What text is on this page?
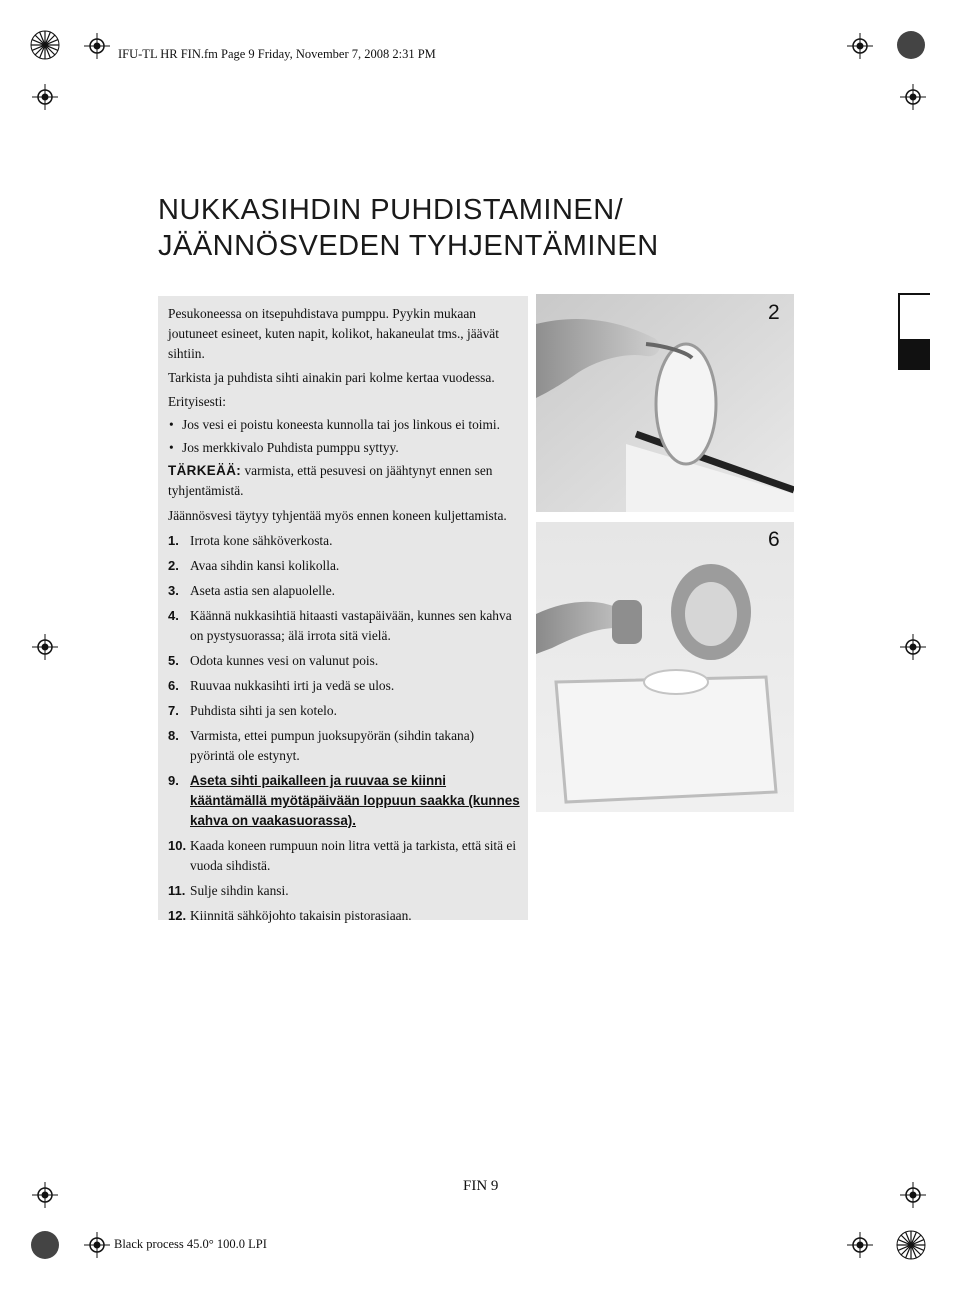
IFU-TL HR FIN.fm Page 9 Friday, November 7, 2008 2:31 PM
NUKKASIHDIN PUHDISTAMINEN/
JÄÄNNÖSVEDEN TYHJENTÄMINEN

Pesukoneessa on itsepuhdistava pumppu. Pyykin mukaan joutuneet esineet, kuten napit, kolikot, hakaneulat tms., jäävät sihtiin.

Tarkista ja puhdista sihti ainakin pari kolme kertaa vuodessa.

Erityisesti:

• Jos vesi ei poistu koneesta kunnolla tai jos linkous ei toimi.

• Jos merkkivalo Puhdista pumppu syttyy.

TÄRKEÄÄ: varmista, että pesuvesi on jäähtynyt ennen sen tyhjentämistä.

Jäännösvesi täytyy tyhjentää myös ennen koneen kuljettamista.

1. Irrota kone sähköverkosta.
2. Avaa sihdin kansi kolikolla.
3. Aseta astia sen alapuolelle.
4. Käännä nukkasihtiä hitaasti vastapäivään, kunnes sen kahva on pystysuorassa; älä irrota sitä vielä.
5. Odota kunnes vesi on valunut pois.
6. Ruuvaa nukkasihti irti ja vedä se ulos.
7. Puhdista sihti ja sen kotelo.
8. Varmista, ettei pumpun juoksupyörän (sihdin takana) pyörintä ole estynyt.
9. Aseta sihti paikalleen ja ruuvaa se kiinni kääntämällä myötäpäivään loppuun saakka (kunnes kahva on vaakasuorassa).
10. Kaada koneen rumpuun noin litra vettä ja tarkista, että sitä ei vuoda sihdistä.
11. Sulje sihdin kansi.
12. Kiinnitä sähköjohto takaisin pistorasiaan.
2
6
FIN 9
Black process 45.0° 100.0 LPI
